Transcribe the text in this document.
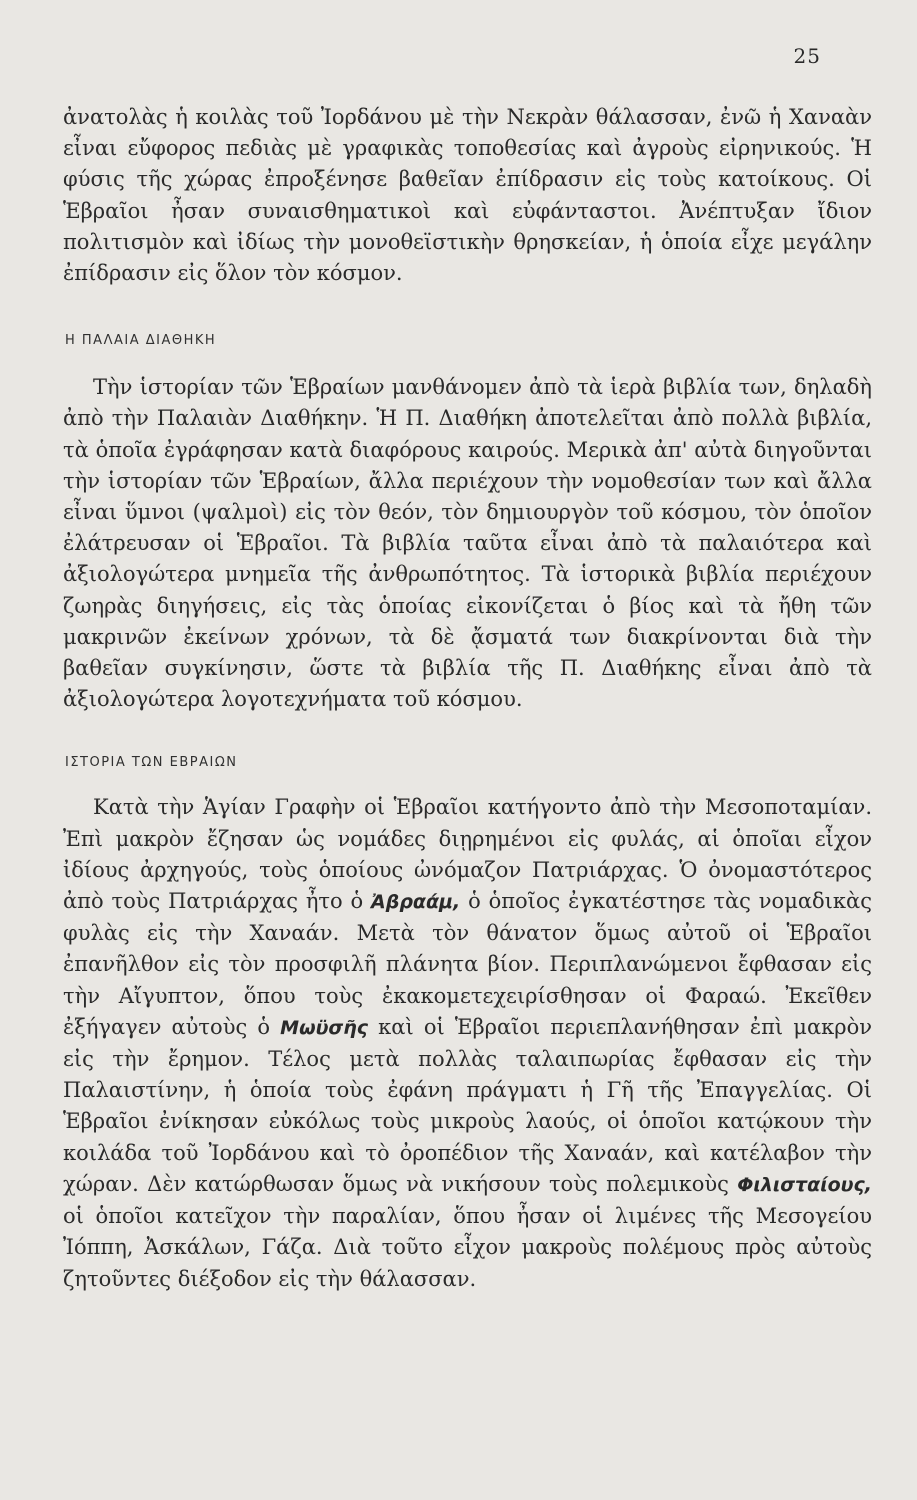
25

ἀνατολὰς ἡ κοιλὰς τοῦ Ἰορδάνου μὲ τὴν Νεκρὰν θάλασσαν, ἐνῶ ἡ Χαναὰν εἶναι εὔφορος πεδιὰς μὲ γραφικὰς τοποθεσίας καὶ ἀγροὺς εἰρηνικούς. Ἡ φύσις τῆς χώρας ἐπροξένησε βαθεῖαν ἐπίδρασιν εἰς τοὺς κατοίκους. Οἱ Ἑβραῖοι ἦσαν συναισθηματικοὶ καὶ εὐφάνταστοι. Ἀνέπτυξαν ἴδιον πολιτισμὸν καὶ ἰδίως τὴν μονοθεϊστικὴν θρησκείαν, ἡ ὁποία εἶχε μεγάλην ἐπίδρασιν εἰς ὅλον τὸν κόσμον.

Η ΠΑΛΑΙΑ ΔΙΑΘΗΚΗ

Τὴν ἱστορίαν τῶν Ἑβραίων μανθάνομεν ἀπὸ τὰ ἱερὰ βιβλία των, δηλαδὴ ἀπὸ τὴν Παλαιὰν Διαθήκην. Ἡ Π. Διαθήκη ἀποτελεῖται ἀπὸ πολλὰ βιβλία, τὰ ὁποῖα ἐγράφησαν κατὰ διαφόρους καιρούς. Μερικὰ ἀπ' αὐτὰ διηγοῦνται τὴν ἱστορίαν τῶν Ἑβραίων, ἄλλα περιέχουν τὴν νομοθεσίαν των καὶ ἄλλα εἶναι ὕμνοι (ψαλμοὶ) εἰς τὸν θεόν, τὸν δημιουργὸν τοῦ κόσμου, τὸν ὁποῖον ἐλάτρευσαν οἱ Ἑβραῖοι. Τὰ βιβλία ταῦτα εἶναι ἀπὸ τὰ παλαιότερα καὶ ἀξιολογώτερα μνημεῖα τῆς ἀνθρωπότητος. Τὰ ἱστορικὰ βιβλία περιέχουν ζωηρὰς διηγήσεις, εἰς τὰς ὁποίας εἰκονίζεται ὁ βίος καὶ τὰ ἤθη τῶν μακρινῶν ἐκείνων χρόνων, τὰ δὲ ᾄσματά των διακρίνονται διὰ τὴν βαθεῖαν συγκίνησιν, ὥστε τὰ βιβλία τῆς Π. Διαθήκης εἶναι ἀπὸ τὰ ἀξιολογώτερα λογοτεχνήματα τοῦ κόσμου.

ΙΣΤΟΡΙΑ ΤΩΝ ΕΒΡΑΙΩΝ

Κατὰ τὴν Ἁγίαν Γραφὴν οἱ Ἑβραῖοι κατήγοντο ἀπὸ τὴν Μεσοποταμίαν. Ἐπὶ μακρὸν ἔζησαν ὡς νομάδες διῃρημένοι εἰς φυλάς, αἱ ὁποῖαι εἶχον ἰδίους ἀρχηγούς, τοὺς ὁποίους ὠνόμαζον Πατριάρχας. Ὁ ὀνομαστότερος ἀπὸ τοὺς Πατριάρχας ἦτο ὁ Ἀβραάμ, ὁ ὁποῖος ἐγκατέστησε τὰς νομαδικὰς φυλὰς εἰς τὴν Χαναάν. Μετὰ τὸν θάνατον ὅμως αὐτοῦ οἱ Ἑβραῖοι ἐπανῆλθον εἰς τὸν προσφιλῆ πλάνητα βίον. Περιπλανώμενοι ἔφθασαν εἰς τὴν Αἴγυπτον, ὅπου τοὺς ἐκακομετεχειρίσθησαν οἱ Φαραώ. Ἐκεῖθεν ἐξήγαγεν αὐτοὺς ὁ Μωϋσῆς καὶ οἱ Ἑβραῖοι περιεπλανήθησαν ἐπὶ μακρὸν εἰς τὴν ἔρημον. Τέλος μετὰ πολλὰς ταλαιπωρίας ἔφθασαν εἰς τὴν Παλαιστίνην, ἡ ὁποία τοὺς ἐφάνη πράγματι ἡ Γῆ τῆς Ἐπαγγελίας. Οἱ Ἑβραῖοι ἐνίκησαν εὐκόλως τοὺς μικροὺς λαούς, οἱ ὁποῖοι κατῴκουν τὴν κοιλάδα τοῦ Ἰορδάνου καὶ τὸ ὀροπέδιον τῆς Χαναάν, καὶ κατέλαβον τὴν χώραν. Δὲν κατώρθωσαν ὅμως νὰ νικήσουν τοὺς πολεμικοὺς Φιλισταίους, οἱ ὁποῖοι κατεῖχον τὴν παραλίαν, ὅπου ἦσαν οἱ λιμένες τῆς Μεσογείου Ἰόππη, Ἀσκάλων, Γάζα. Διὰ τοῦτο εἶχον μακροὺς πολέμους πρὸς αὐτοὺς ζητοῦντες διέξοδον εἰς τὴν θάλασσαν.
